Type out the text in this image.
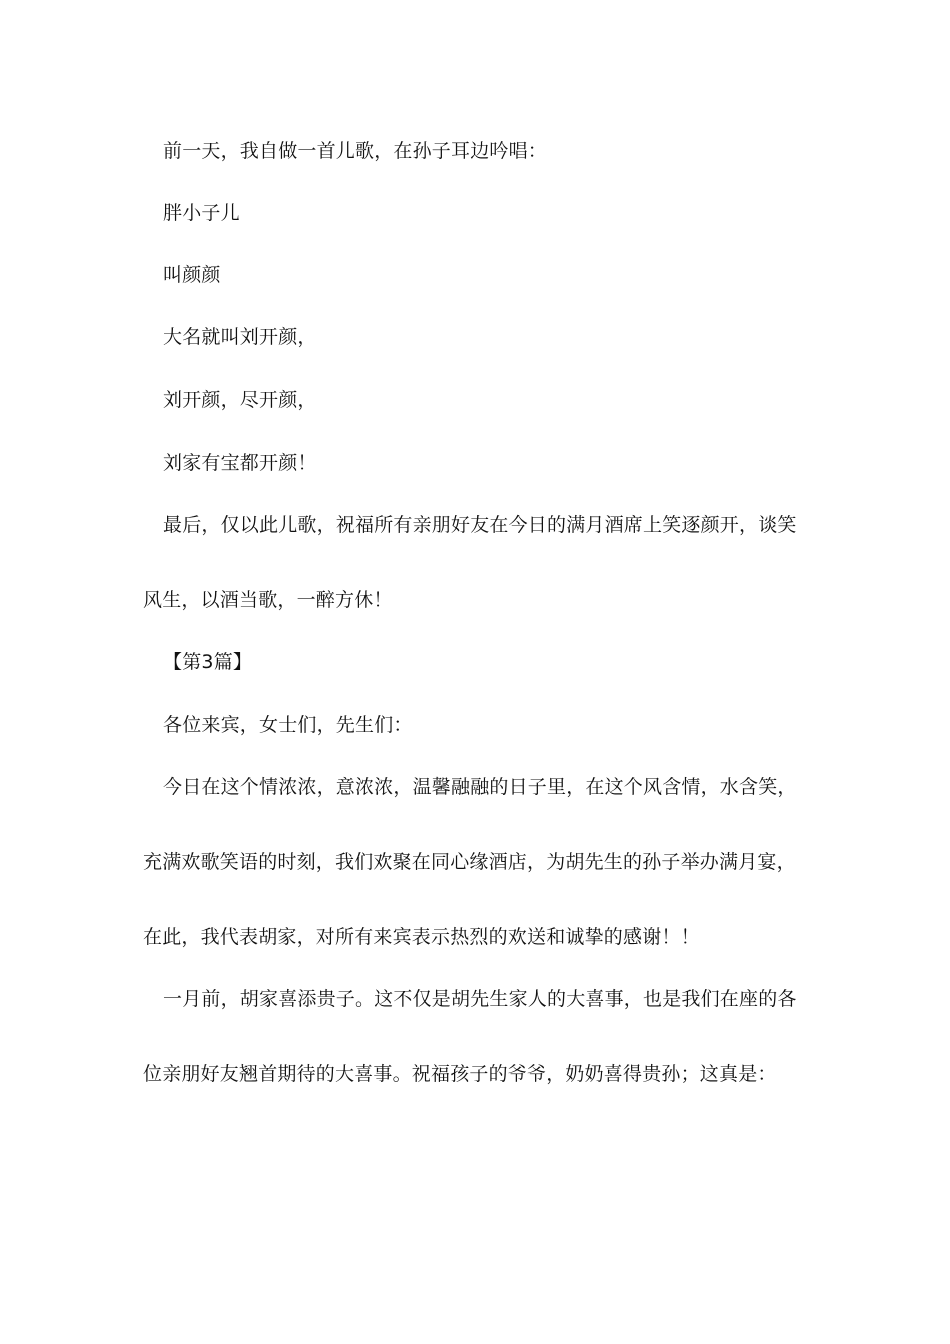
前一天，我自做一首儿歌，在孙子耳边吟唱：
胖小子儿
叫颜颜
大名就叫刘开颜，
刘开颜，尽开颜，
刘家有宝都开颜！
最后，仅以此儿歌，祝福所有亲朋好友在今日的满月酒席上笑逐颜开，谈笑
风生，以酒当歌，一醉方休！
【第3篇】
各位来宾，女士们，先生们：
今日在这个情浓浓，意浓浓，温馨融融的日子里，在这个风含情，水含笑，
充满欢歌笑语的时刻，我们欢聚在同心缘酒店，为胡先生的孙子举办满月宴，
在此，我代表胡家，对所有来宾表示热烈的欢送和诚挚的感谢！！
一月前，胡家喜添贵子。这不仅是胡先生家人的大喜事，也是我们在座的各
位亲朋好友翘首期待的大喜事。祝福孩子的爷爷，奶奶喜得贵孙；这真是：
